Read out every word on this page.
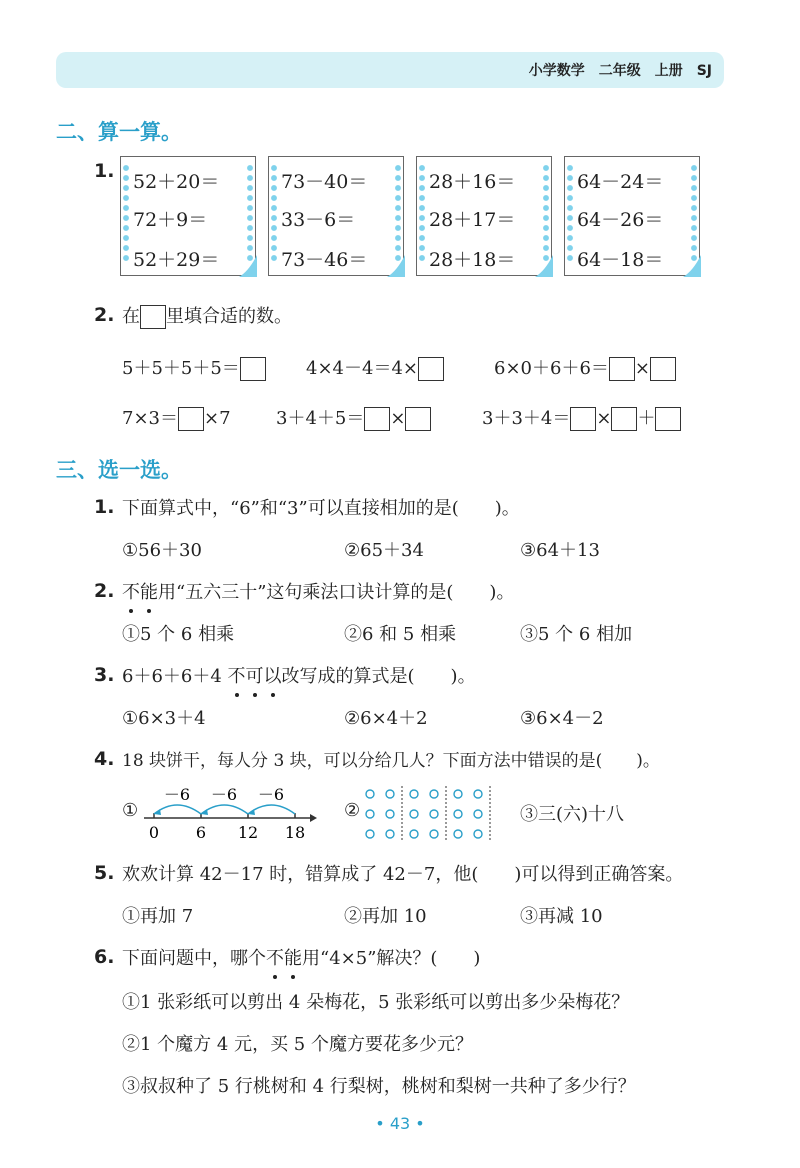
小学数学　二年级　上册　SJ
二、算一算。
1. 52＋20＝
72＋9＝
52＋29＝
73－40＝
33－6＝
73－46＝
28＋16＝
28＋17＝
28＋18＝
64－24＝
64－26＝
64－18＝
2. 在 里填合适的数。
5＋5＋5＋5＝	4×4－4＝4×	6×0＋6＋6＝ ×
7×3＝ ×7	3＋4＋5＝ ×	3＋3＋4＝ × ＋
三、选一选。
1. 下面算式中，“6”和“3”可以直接相加的是(　　)。
①56＋30	②65＋34	③64＋13
2. 不能用“五六三十”这句乘法口诀计算的是(　　)。
①5 个 6 相乘	②6 和 5 相乘	③5 个 6 相加
3. 6＋6＋6＋4 不可以改写成的算式是(　　)。
①6×3＋4	②6×4＋2	③6×4－2
4. 18 块饼干，每人分 3 块，可以分给几人？下面方法中错误的是(　　)。
①
－6
－6
－6
0 6 12 18
②	③三(六)十八
5. 欢欢计算 42－17 时，错算成了 42－7，他(　　)可以得到正确答案。
①再加 7	②再加 10	③再减 10
6. 下面问题中，哪个不能用“4×5”解决？(　　)
①1 张彩纸可以剪出 4 朵梅花，5 张彩纸可以剪出多少朵梅花？
②1 个魔方 4 元，买 5 个魔方要花多少元？
③叔叔种了 5 行桃树和 4 行梨树，桃树和梨树一共种了多少行？
• 43 •
